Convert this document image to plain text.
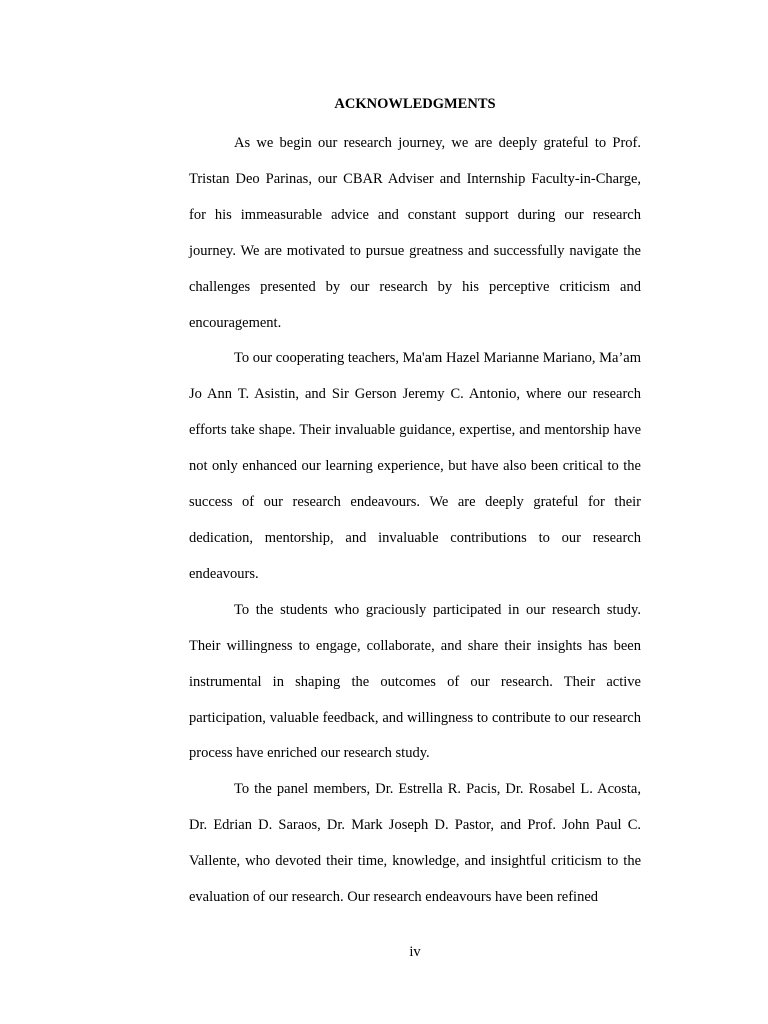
ACKNOWLEDGMENTS

As we begin our research journey, we are deeply grateful to Prof. Tristan Deo Parinas, our CBAR Adviser and Internship Faculty-in-Charge, for his immeasurable advice and constant support during our research journey. We are motivated to pursue greatness and successfully navigate the challenges presented by our research by his perceptive criticism and encouragement.

To our cooperating teachers, Ma'am Hazel Marianne Mariano, Ma’am Jo Ann T. Asistin, and Sir Gerson Jeremy C. Antonio, where our research efforts take shape. Their invaluable guidance, expertise, and mentorship have not only enhanced our learning experience, but have also been critical to the success of our research endeavours. We are deeply grateful for their dedication, mentorship, and invaluable contributions to our research endeavours.

To the students who graciously participated in our research study. Their willingness to engage, collaborate, and share their insights has been instrumental in shaping the outcomes of our research. Their active participation, valuable feedback, and willingness to contribute to our research process have enriched our research study.

To the panel members, Dr. Estrella R. Pacis, Dr. Rosabel L. Acosta, Dr. Edrian D. Saraos, Dr. Mark Joseph D. Pastor, and Prof. John Paul C. Vallente, who devoted their time, knowledge, and insightful criticism to the evaluation of our research. Our research endeavours have been refined

iv
